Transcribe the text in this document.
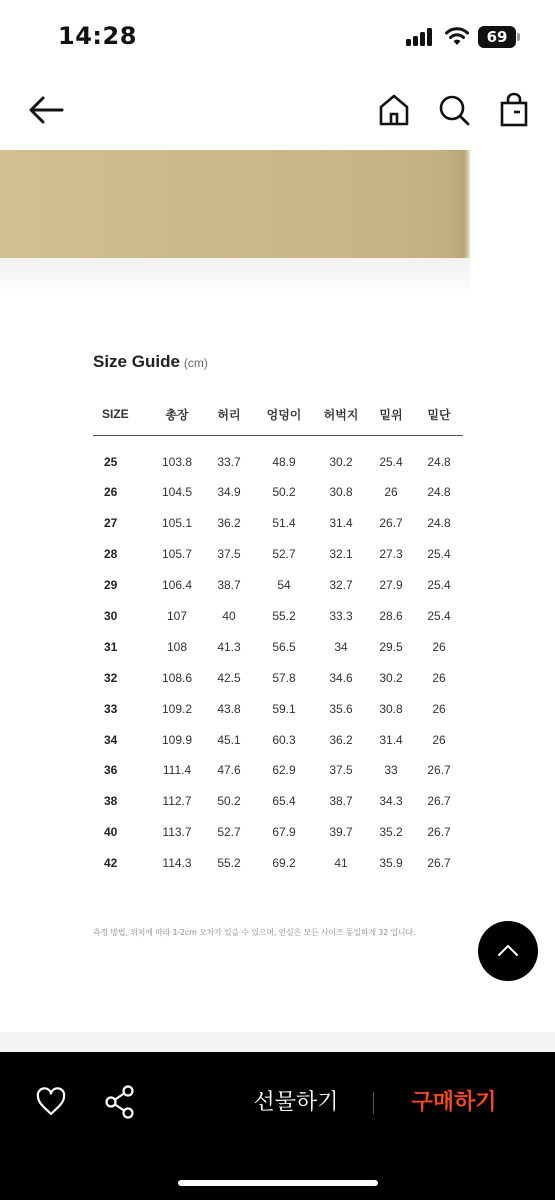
14:28	69
Size Guide (cm)
SIZE	총장	허리	엉덩이	허벅지	밑위	밑단
25	103.8	33.7	48.9	30.2	25.4	24.8
26	104.5	34.9	50.2	30.8	26	24.8
27	105.1	36.2	51.4	31.4	26.7	24.8
28	105.7	37.5	52.7	32.1	27.3	25.4
29	106.4	38.7	54	32.7	27.9	25.4
30	107	40	55.2	33.3	28.6	25.4
31	108	41.3	56.5	34	29.5	26
32	108.6	42.5	57.8	34.6	30.2	26
33	109.2	43.8	59.1	35.6	30.8	26
34	109.9	45.1	60.3	36.2	31.4	26
36	111.4	47.6	62.9	37.5	33	26.7
38	112.7	50.2	65.4	38.7	34.3	26.7
40	113.7	52.7	67.9	39.7	35.2	26.7
42	114.3	55.2	69.2	41	35.9	26.7
측정 방법, 위치에 따라 1-2cm 오차가 있을 수 있으며, 인심은 모든 사이즈 동일하게 32 입니다.
선물하기	구매하기
